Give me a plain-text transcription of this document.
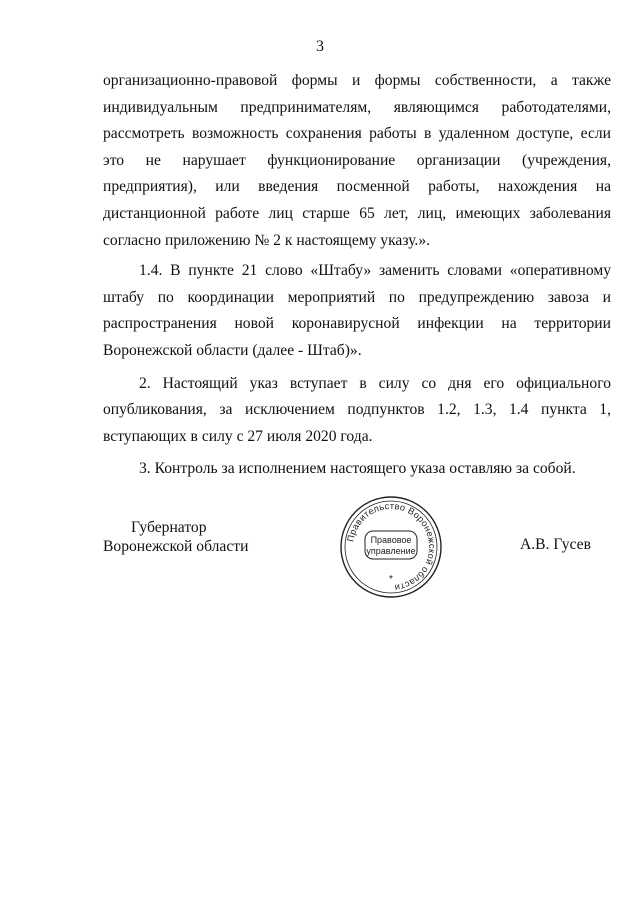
3

организационно-правовой формы и формы собственности, а также индивидуальным предпринимателям, являющимся работодателями, рассмотреть возможность сохранения работы в удаленном доступе, если это не нарушает функционирование организации (учреждения, предприятия), или введения посменной работы, нахождения на дистанционной работе лиц старше 65 лет, лиц, имеющих заболевания согласно приложению № 2 к настоящему указу.».

1.4. В пункте 21 слово «Штабу» заменить словами «оперативному штабу по координации мероприятий по предупреждению завоза и распространения новой коронавирусной инфекции на территории Воронежской области (далее - Штаб)».

2. Настоящий указ вступает в силу со дня его официального опубликования, за исключением подпунктов 1.2, 1.3, 1.4 пункта 1, вступающих в силу с 27 июля 2020 года.

3. Контроль за исполнением настоящего указа оставляю за собой.

Губернатор
Воронежской области	Правительство Воронежской области
Правовое
управление
*
А.В. Гусев
